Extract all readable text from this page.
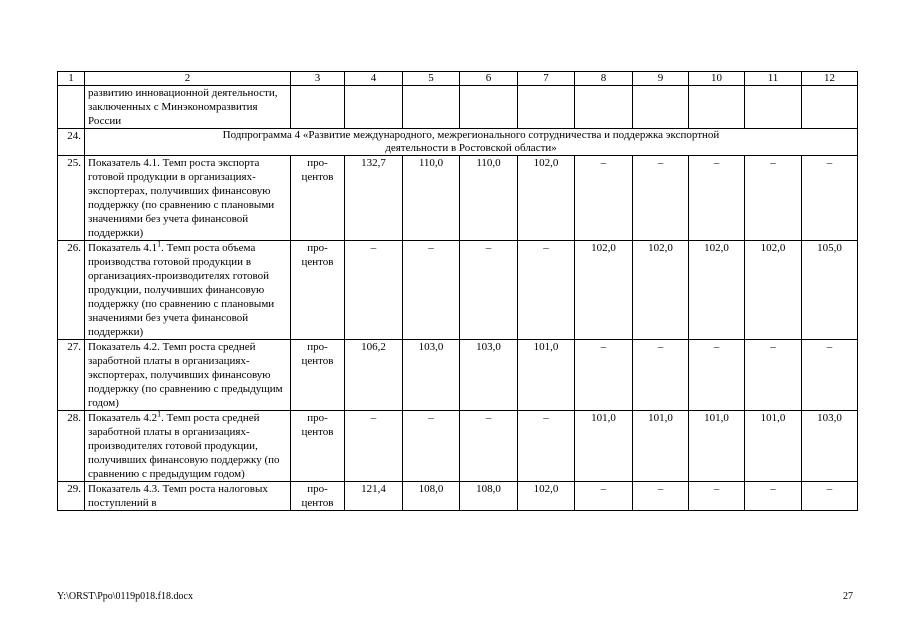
1	2	3	4	5	6	7	8	9	10	11	12
	развитию инновационной деятельности, заключенных с Минэкономразвития России										
24.	Подпрограмма 4 «Развитие международного, межрегионального сотрудничества и поддержка экспортной деятельности в Ростовской области»										

25.	Показатель 4.1. Темп роста экспорта готовой продукции в организациях-экспортерах, получивших финансовую поддержку (по сравнению с плановыми значениями без учета финансовой поддержки)	про-центов	132,7	110,0	110,0	102,0	–	–	–	–	–
26.	Показатель $4.1^1$. Темп роста объема производства готовой продукции в организациях-производителях готовой продукции, получивших финансовую поддержку (по сравнению с плановыми значениями без учета финансовой поддержки)	про-центов	–	–	–	–	102,0	102,0	102,0	102,0	105,0
27.	Показатель 4.2. Темп роста средней заработной платы в организациях-экспортерах, получивших финансовую поддержку (по сравнению с предыдущим годом)	про-центов	106,2	103,0	103,0	101,0	–	–	–	–	–
28.	Показатель $4.2^1$. Темп роста средней заработной платы в организациях-производителях готовой продукции, получивших финансовую поддержку (по сравнению с предыдущим годом)	про-центов	–	–	–	–	101,0	101,0	101,0	101,0	103,0
29.	Показатель 4.3. Темп роста налоговых поступлений в	про-центов	121,4	108,0	108,0	102,0	–	–	–	–	–
Y:\ORST\Ppo\0119p018.f18.docx	27
